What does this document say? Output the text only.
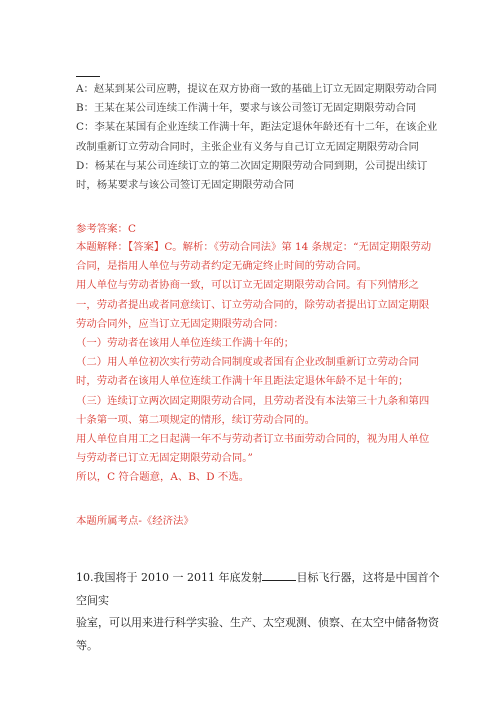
A：赵某到某公司应聘，提议在双方协商一致的基础上订立无固定期限劳动合同
B：王某在某公司连续工作满十年，要求与该公司签订无固定期限劳动合同
C：李某在某国有企业连续工作满十年，距法定退休年龄还有十二年，在该企业
改制重新订立劳动合同时，主张企业有义务与自己订立无固定期限劳动合同
D：杨某在与某公司连续订立的第二次固定期限劳动合同到期，公司提出续订
时，杨某要求与该公司签订无固定期限劳动合同
参考答案：C
本题解释：【答案】C。解析：《劳动合同法》第 14 条规定：“无固定期限劳动
合同，是指用人单位与劳动者约定无确定终止时间的劳动合同。
用人单位与劳动者协商一致，可以订立无固定期限劳动合同。有下列情形之
一，劳动者提出或者同意续订、订立劳动合同的，除劳动者提出订立固定期限
劳动合同外，应当订立无固定期限劳动合同：
（一）劳动者在该用人单位连续工作满十年的；
（二）用人单位初次实行劳动合同制度或者国有企业改制重新订立劳动合同
时，劳动者在该用人单位连续工作满十年且距法定退休年龄不足十年的；
（三）连续订立两次固定期限劳动合同，且劳动者没有本法第三十九条和第四
十条第一项、第二项规定的情形，续订劳动合同的。
用人单位自用工之日起满一年不与劳动者订立书面劳动合同的，视为用人单位
与劳动者已订立无固定期限劳动合同。”
所以，C 符合题意，A、B、D 不选。
本题所属考点-《经济法》
10.我国将于 2010 一 2011 年底发射	目标飞行器，这将是中国首个空间实
验室，可以用来进行科学实验、生产、太空观测、侦察、在太空中储备物资
等。
